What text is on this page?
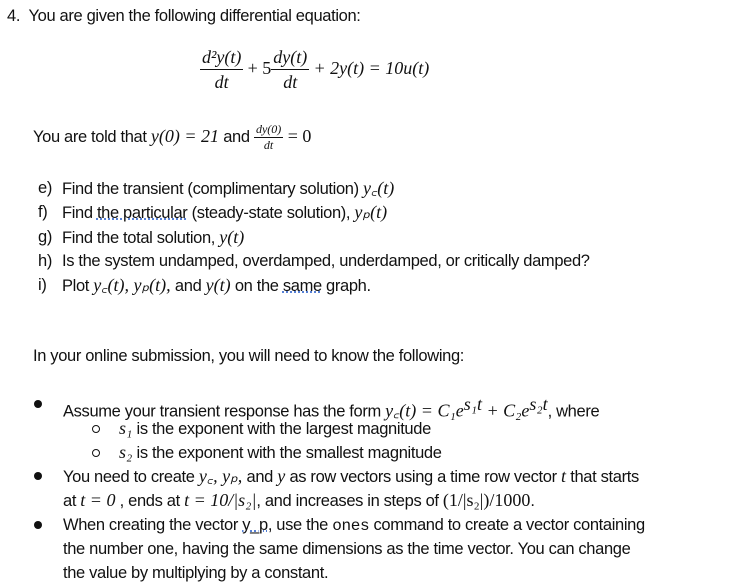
4. You are given the following differential equation:
$\frac{\text{d²y(t)}}{dt} + 5 \frac{dy(t)}{dt} + 2y(t) = 10u(t)$
You are told that y(0) = 21 and $\frac{dy(0)}{dt} = 0$
e) Find the transient (complimentary solution) y꜀(t)
f) Find the particular (steady-state solution), yₚ(t)
g) Find the total solution, y(t)
h) Is the system undamped, overdamped, underdamped, or critically damped?
i) Plot y꜀(t), yₚ(t), and y(t) on the same graph.
In your online submission, you will need to know the following:
Assume your transient response has the form y꜀(t) = $C_1e^{s_1t} + C_2e^{s_2t}$, where
s₁ is the exponent with the largest magnitude
s₂ is the exponent with the smallest magnitude
You need to create y꜀, yₚ, and y as row vectors using a time row vector t that starts
at t = 0 , ends at t = 10/|s₂|, and increases in steps of (1/|s₂|)/1000.
When creating the vector y_p, use the ones command to create a vector containing
the number one, having the same dimensions as the time vector. You can change
the value by multiplying by a constant.
